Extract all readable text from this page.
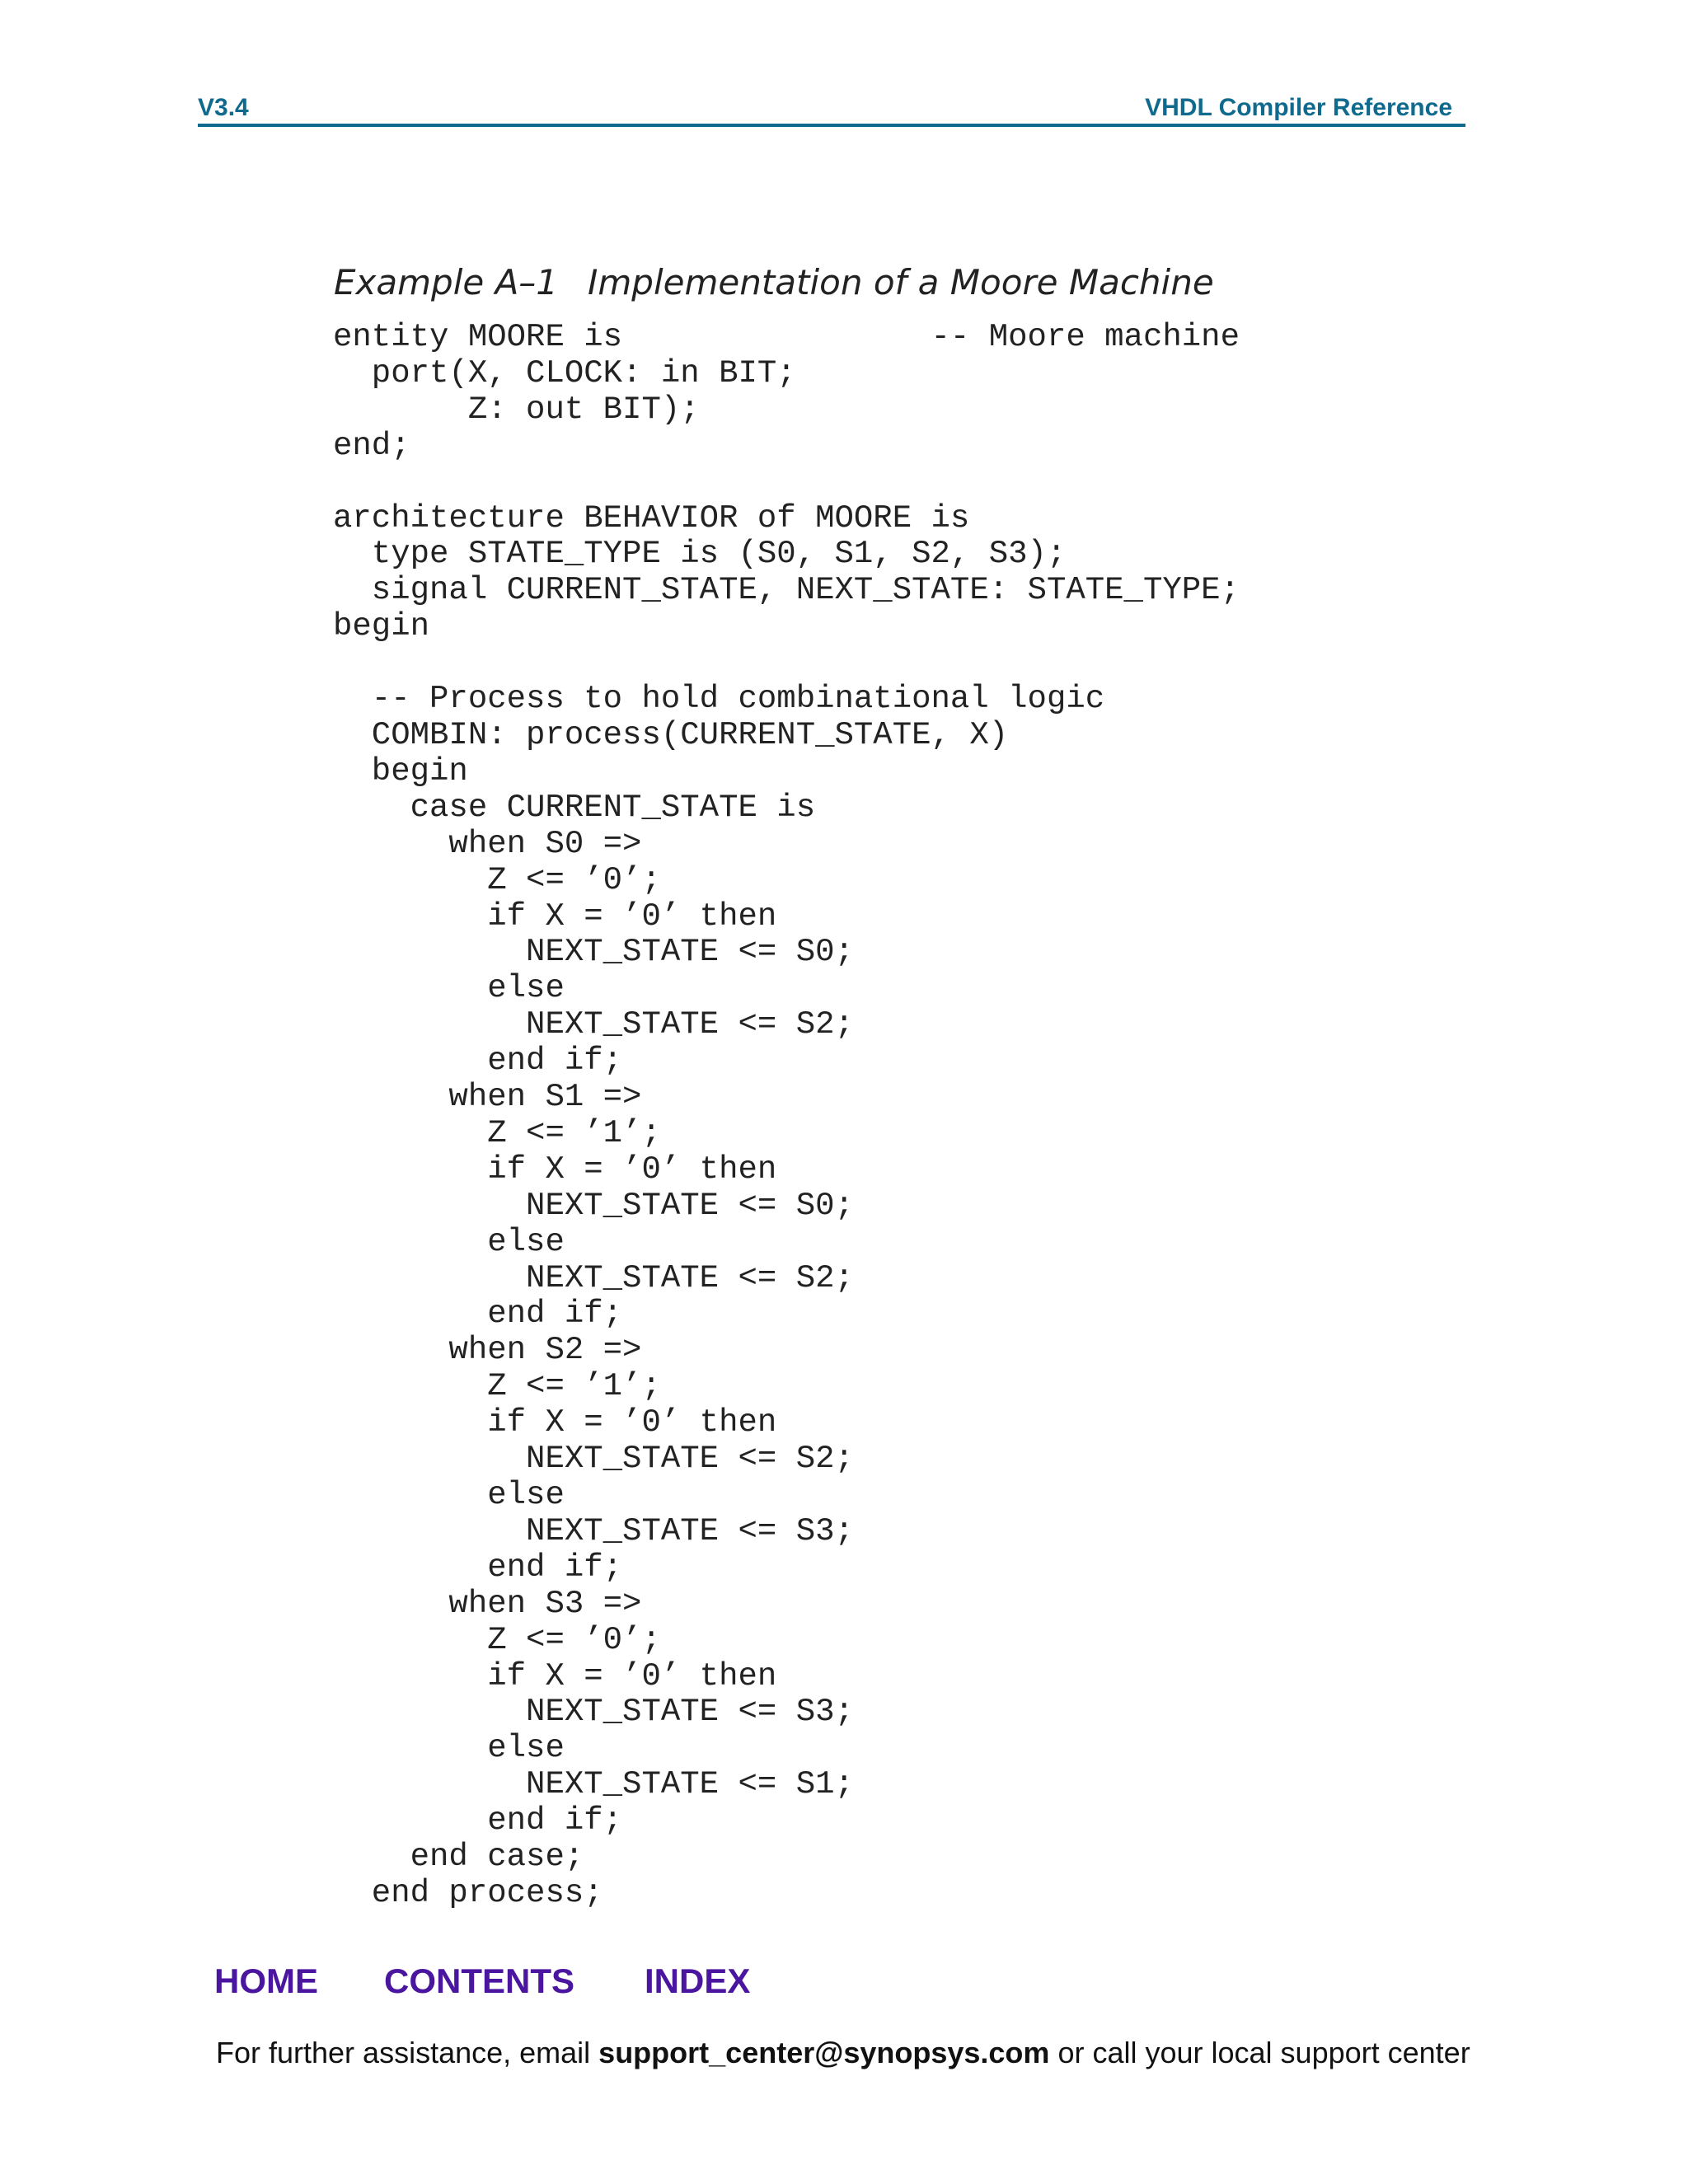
V3.4	VHDL Compiler Reference
Example A–1 Implementation of a Moore Machine
entity MOORE is                -- Moore machine
port(X, CLOCK: in BIT;
Z: out BIT);
end;

architecture BEHAVIOR of MOORE is
type STATE_TYPE is (S0, S1, S2, S3);
signal CURRENT_STATE, NEXT_STATE: STATE_TYPE;
begin

-- Process to hold combinational logic
COMBIN: process(CURRENT_STATE, X)
begin
case CURRENT_STATE is
when S0 =>
Z <= ’0’;
if X = ’0’ then
NEXT_STATE <= S0;
else
NEXT_STATE <= S2;
end if;
when S1 =>
Z <= ’1’;
if X = ’0’ then
NEXT_STATE <= S0;
else
NEXT_STATE <= S2;
end if;
when S2 =>
Z <= ’1’;
if X = ’0’ then
NEXT_STATE <= S2;
else
NEXT_STATE <= S3;
end if;
when S3 =>
Z <= ’0’;
if X = ’0’ then
NEXT_STATE <= S3;
else
NEXT_STATE <= S1;
end if;
end case;
end process;
HOME CONTENTS INDEX
For further assistance, email support_center@synopsys.com or call your local support center
